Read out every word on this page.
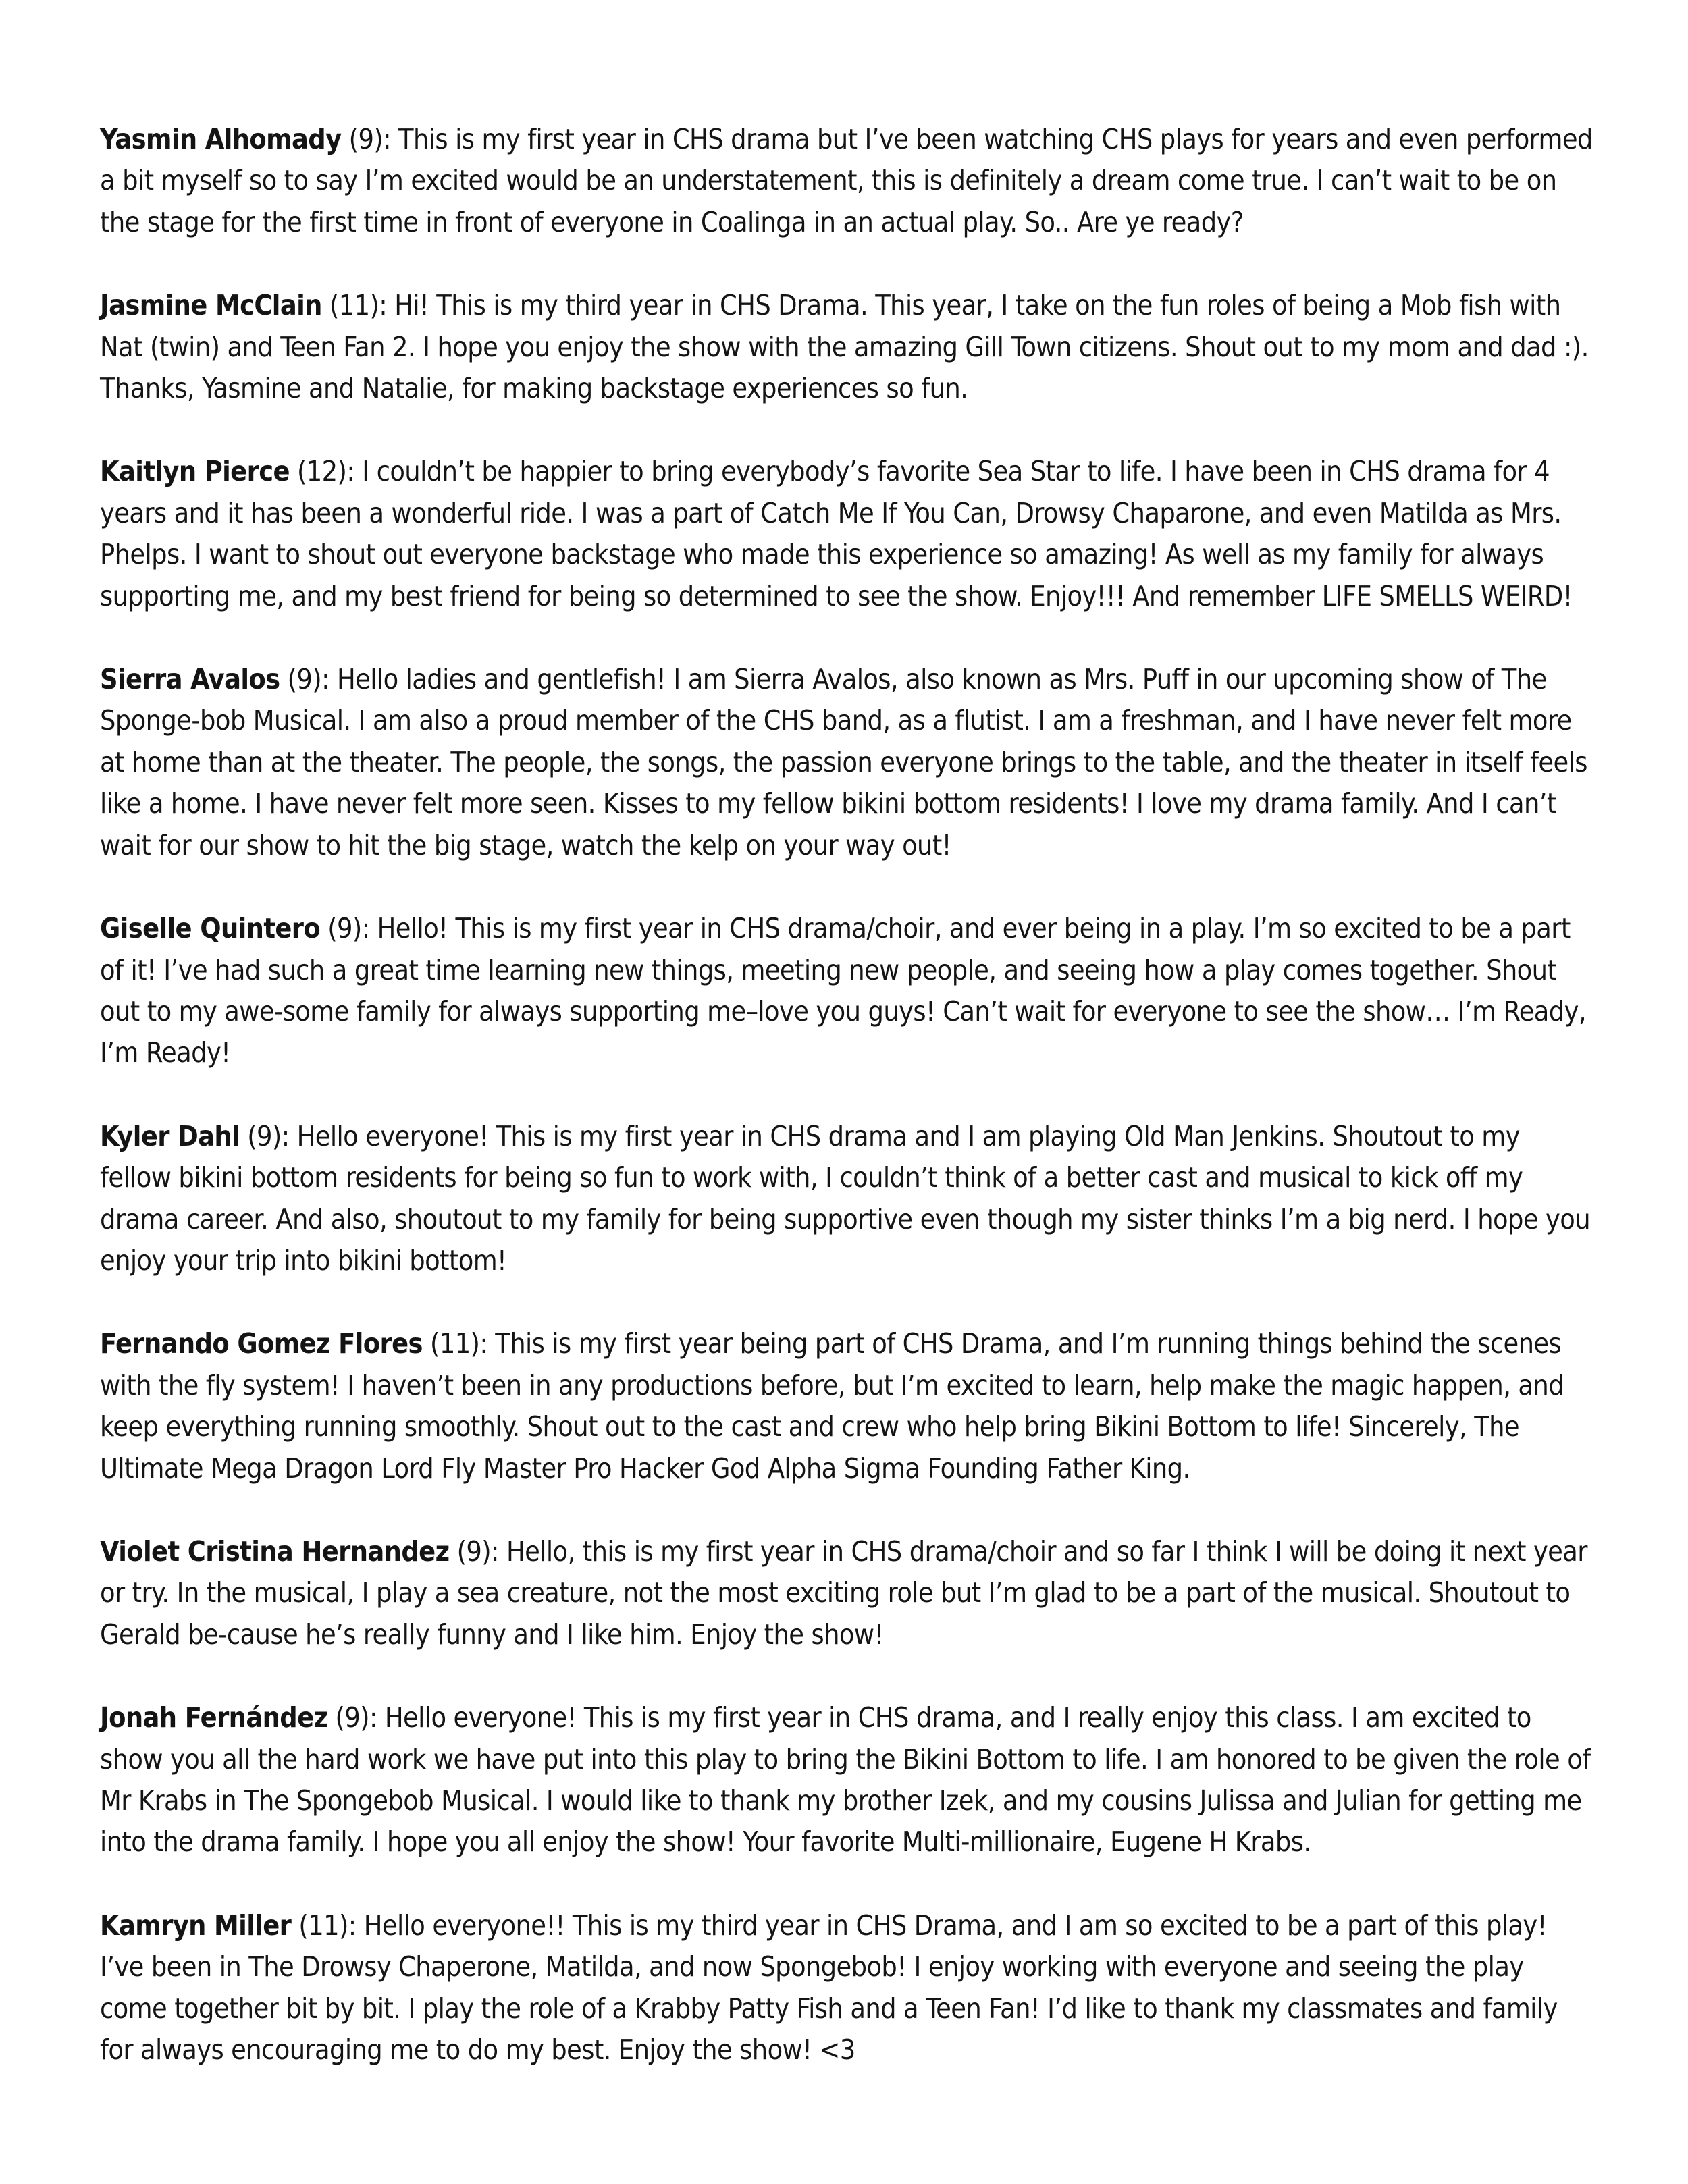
Yasmin Alhomady (9): This is my first year in CHS drama but I’ve been watching CHS plays for years and even performed a bit myself so to say I’m excited would be an understatement, this is definitely a dream come true. I can’t wait to be on the stage for the first time in front of everyone in Coalinga in an actual play. So.. Are ye ready?

Jasmine McClain (11): Hi! This is my third year in CHS Drama. This year, I take on the fun roles of being a Mob fish with Nat (twin) and Teen Fan 2. I hope you enjoy the show with the amazing Gill Town citizens. Shout out to my mom and dad :). Thanks, Yasmine and Natalie, for making backstage experiences so fun.

Kaitlyn Pierce (12): I couldn’t be happier to bring everybody’s favorite Sea Star to life. I have been in CHS drama for 4 years and it has been a wonderful ride. I was a part of Catch Me If You Can, Drowsy Chaparone, and even Matilda as Mrs. Phelps. I want to shout out everyone backstage who made this experience so amazing! As well as my family for always supporting me, and my best friend for being so determined to see the show. Enjoy!!! And remember LIFE SMELLS WEIRD!

Sierra Avalos (9): Hello ladies and gentlefish! I am Sierra Avalos, also known as Mrs. Puff in our upcoming show of The Sponge-bob Musical. I am also a proud member of the CHS band, as a flutist. I am a freshman, and I have never felt more at home than at the theater. The people, the songs, the passion everyone brings to the table, and the theater in itself feels like a home. I have never felt more seen. Kisses to my fellow bikini bottom residents! I love my drama family. And I can’t wait for our show to hit the big stage, watch the kelp on your way out!

Giselle Quintero (9): Hello! This is my first year in CHS drama/choir, and ever being in a play. I’m so excited to be a part of it! I’ve had such a great time learning new things, meeting new people, and seeing how a play comes together. Shout out to my awe-some family for always supporting me–love you guys! Can’t wait for everyone to see the show… I’m Ready, I’m Ready!

Kyler Dahl (9): Hello everyone! This is my first year in CHS drama and I am playing Old Man Jenkins. Shoutout to my fellow bikini bottom residents for being so fun to work with, I couldn’t think of a better cast and musical to kick off my drama career. And also, shoutout to my family for being supportive even though my sister thinks I’m a big nerd. I hope you enjoy your trip into bikini bottom!

Fernando Gomez Flores (11): This is my first year being part of CHS Drama, and I’m running things behind the scenes with the fly system! I haven’t been in any productions before, but I’m excited to learn, help make the magic happen, and keep everything running smoothly. Shout out to the cast and crew who help bring Bikini Bottom to life! Sincerely, The Ultimate Mega Dragon Lord Fly Master Pro Hacker God Alpha Sigma Founding Father King.

Violet Cristina Hernandez (9): Hello, this is my first year in CHS drama/choir and so far I think I will be doing it next year or try. In the musical, I play a sea creature, not the most exciting role but I’m glad to be a part of the musical. Shoutout to Gerald be-cause he’s really funny and I like him. Enjoy the show!

Jonah Fernández (9): Hello everyone! This is my first year in CHS drama, and I really enjoy this class. I am excited to show you all the hard work we have put into this play to bring the Bikini Bottom to life. I am honored to be given the role of Mr Krabs in The Spongebob Musical. I would like to thank my brother Izek, and my cousins Julissa and Julian for getting me into the drama family. I hope you all enjoy the show! Your favorite Multi-millionaire, Eugene H Krabs.

Kamryn Miller (11): Hello everyone!! This is my third year in CHS Drama, and I am so excited to be a part of this play! I’ve been in The Drowsy Chaperone, Matilda, and now Spongebob! I enjoy working with everyone and seeing the play come together bit by bit. I play the role of a Krabby Patty Fish and a Teen Fan! I’d like to thank my classmates and family for always encouraging me to do my best. Enjoy the show! <3
